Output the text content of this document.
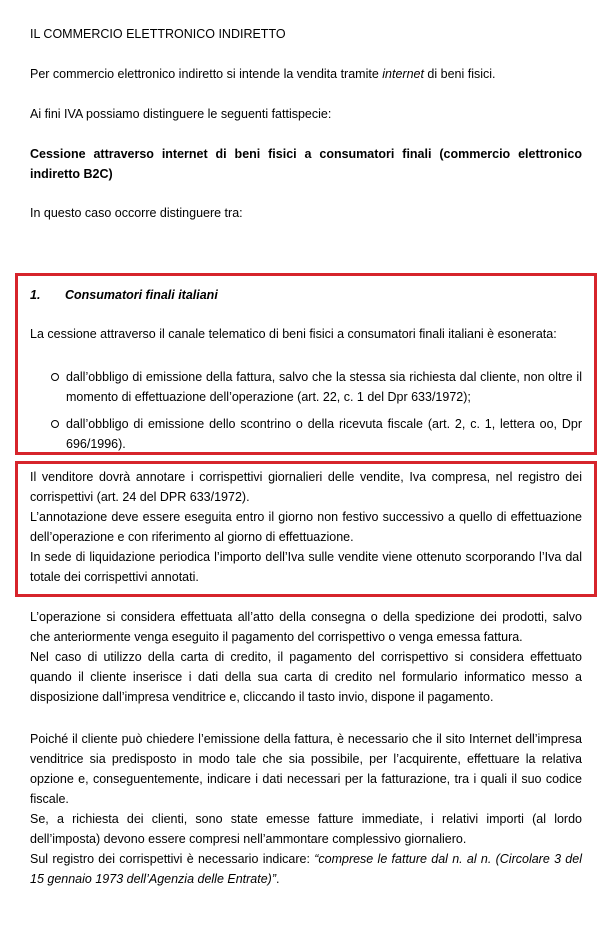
IL COMMERCIO ELETTRONICO INDIRETTO

Per commercio elettronico indiretto si intende la vendita tramite internet di beni fisici.

Ai fini IVA possiamo distinguere le seguenti fattispecie:

Cessione attraverso internet di beni fisici a consumatori finali (commercio elettronico indiretto B2C)

In questo caso occorre distinguere tra:

1. Consumatori finali italiani

La cessione attraverso il canale telematico di beni fisici a consumatori finali italiani è esonerata:

dall’obbligo di emissione della fattura, salvo che la stessa sia richiesta dal cliente, non oltre il momento di effettuazione dell’operazione (art. 22, c. 1 del Dpr 633/1972);
dall’obbligo di emissione dello scontrino o della ricevuta fiscale (art. 2, c. 1, lettera oo, Dpr 696/1996).
Il venditore dovrà annotare i corrispettivi giornalieri delle vendite, Iva compresa, nel registro dei corrispettivi (art. 24 del DPR 633/1972).
L’annotazione deve essere eseguita entro il giorno non festivo successivo a quello di effettuazione dell’operazione e con riferimento al giorno di effettuazione.
In sede di liquidazione periodica l’importo dell’Iva sulle vendite viene ottenuto scorporando l’Iva dal totale dei corrispettivi annotati.
L’operazione si considera effettuata all’atto della consegna o della spedizione dei prodotti, salvo che anteriormente venga eseguito il pagamento del corrispettivo o venga emessa fattura.
Nel caso di utilizzo della carta di credito, il pagamento del corrispettivo si considera effettuato quando il cliente inserisce i dati della sua carta di credito nel formulario informatico messo a disposizione dall’impresa venditrice e, cliccando il tasto invio, dispone il pagamento.
Poiché il cliente può chiedere l’emissione della fattura, è necessario che il sito Internet dell’impresa venditrice sia predisposto in modo tale che sia possibile, per l’acquirente, effettuare la relativa opzione e, conseguentemente, indicare i dati necessari per la fatturazione, tra i quali il suo codice fiscale.
Se, a richiesta dei clienti, sono state emesse fatture immediate, i relativi importi (al lordo dell’imposta) devono essere compresi nell’ammontare complessivo giornaliero.
Sul registro dei corrispettivi è necessario indicare: “comprese le fatture dal n. al n. (Circolare 3 del 15 gennaio 1973 dell’Agenzia delle Entrate)”.
